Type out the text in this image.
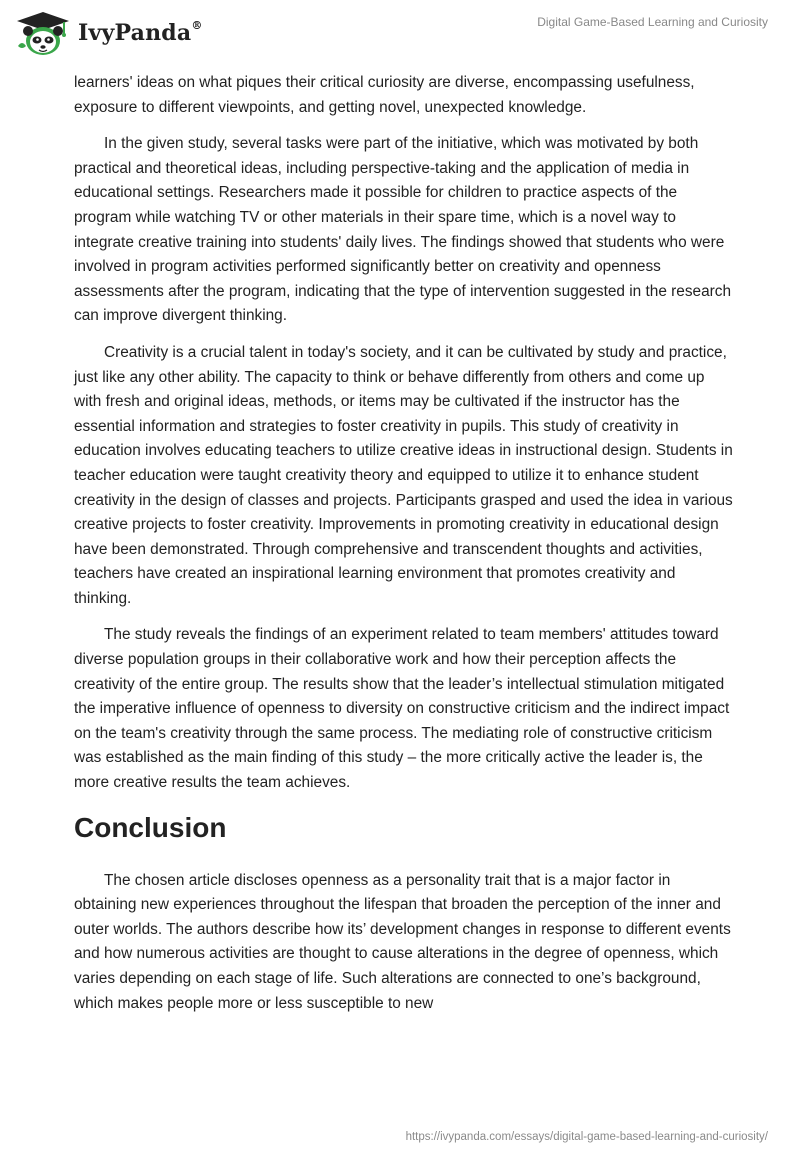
IvyPanda®	Digital Game-Based Learning and Curiosity

learners' ideas on what piques their critical curiosity are diverse, encompassing usefulness, exposure to different viewpoints, and getting novel, unexpected knowledge.

In the given study, several tasks were part of the initiative, which was motivated by both practical and theoretical ideas, including perspective-taking and the application of media in educational settings. Researchers made it possible for children to practice aspects of the program while watching TV or other materials in their spare time, which is a novel way to integrate creative training into students' daily lives. The findings showed that students who were involved in program activities performed significantly better on creativity and openness assessments after the program, indicating that the type of intervention suggested in the research can improve divergent thinking.

Creativity is a crucial talent in today's society, and it can be cultivated by study and practice, just like any other ability. The capacity to think or behave differently from others and come up with fresh and original ideas, methods, or items may be cultivated if the instructor has the essential information and strategies to foster creativity in pupils. This study of creativity in education involves educating teachers to utilize creative ideas in instructional design. Students in teacher education were taught creativity theory and equipped to utilize it to enhance student creativity in the design of classes and projects. Participants grasped and used the idea in various creative projects to foster creativity. Improvements in promoting creativity in educational design have been demonstrated. Through comprehensive and transcendent thoughts and activities, teachers have created an inspirational learning environment that promotes creativity and thinking.

The study reveals the findings of an experiment related to team members' attitudes toward diverse population groups in their collaborative work and how their perception affects the creativity of the entire group. The results show that the leader’s intellectual stimulation mitigated the imperative influence of openness to diversity on constructive criticism and the indirect impact on the team's creativity through the same process. The mediating role of constructive criticism was established as the main finding of this study – the more critically active the leader is, the more creative results the team achieves.

Conclusion

The chosen article discloses openness as a personality trait that is a major factor in obtaining new experiences throughout the lifespan that broaden the perception of the inner and outer worlds. The authors describe how its’ development changes in response to different events and how numerous activities are thought to cause alterations in the degree of openness, which varies depending on each stage of life. Such alterations are connected to one’s background, which makes people more or less susceptible to new

https://ivypanda.com/essays/digital-game-based-learning-and-curiosity/
